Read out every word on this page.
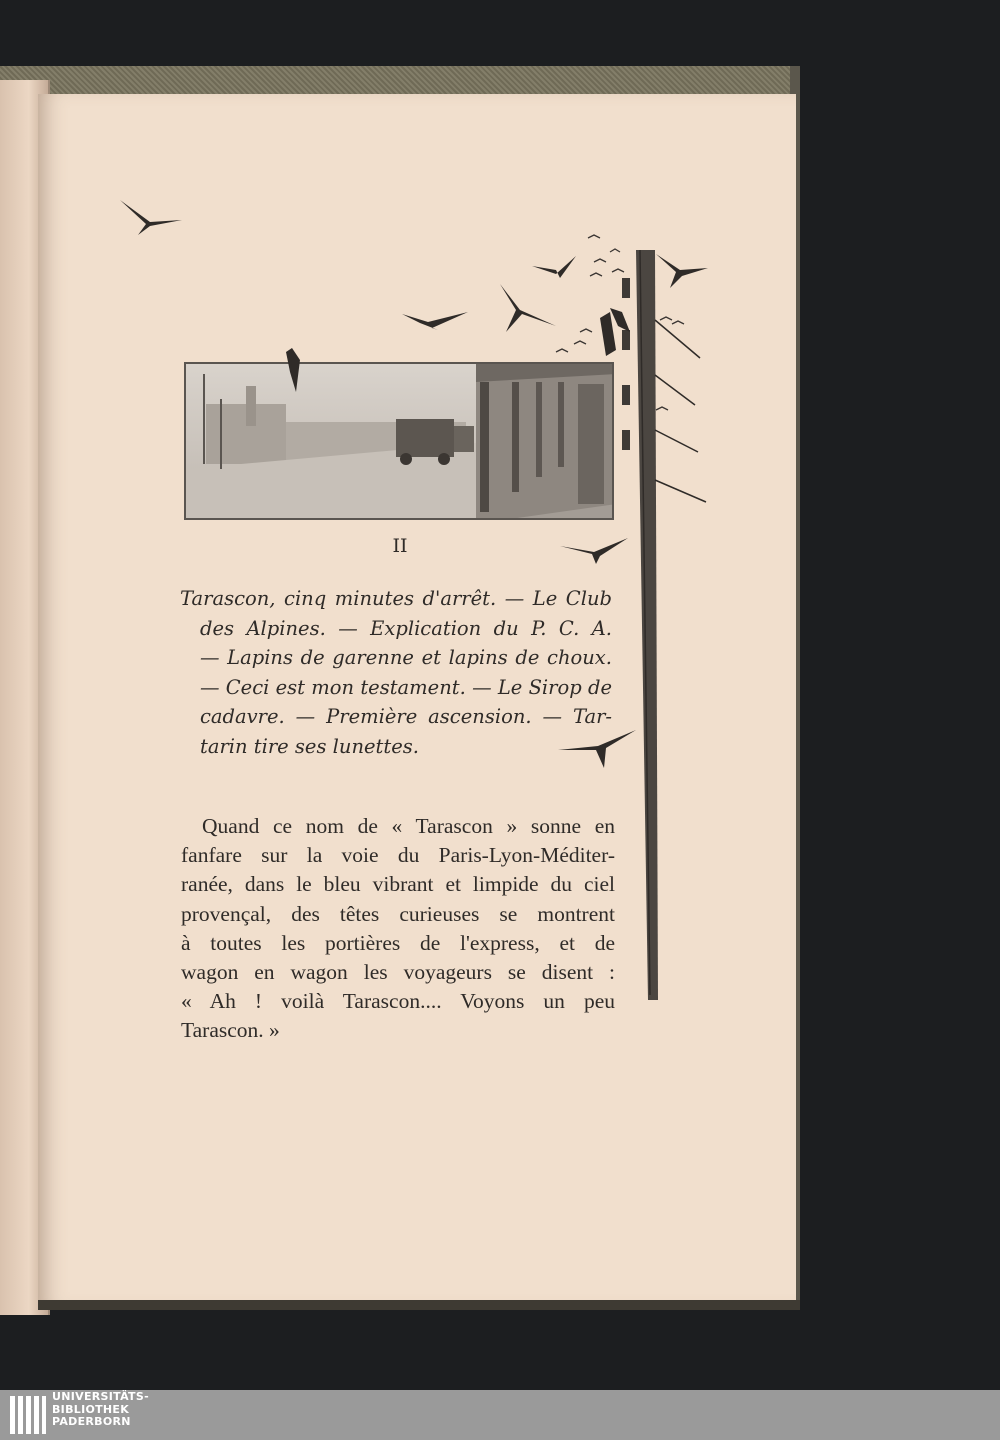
II
Tarascon, cinq minutes d'arrêt. — Le Club
des Alpines. — Explication du P. C. A.
— Lapins de garenne et lapins de choux.
— Ceci est mon testament. — Le Sirop de
cadavre. — Première ascension. — Tar-
tarin tire ses lunettes.
Quand ce nom de « Tarascon » sonne en
fanfare sur la voie du Paris-Lyon-Méditer-
ranée, dans le bleu vibrant et limpide du ciel
provençal, des têtes curieuses se montrent
à toutes les portières de l'express, et de
wagon en wagon les voyageurs se disent :
« Ah ! voilà Tarascon.... Voyons un peu
Tarascon. »
UNIVERSITÄTS-
BIBLIOTHEK
PADERBORN
